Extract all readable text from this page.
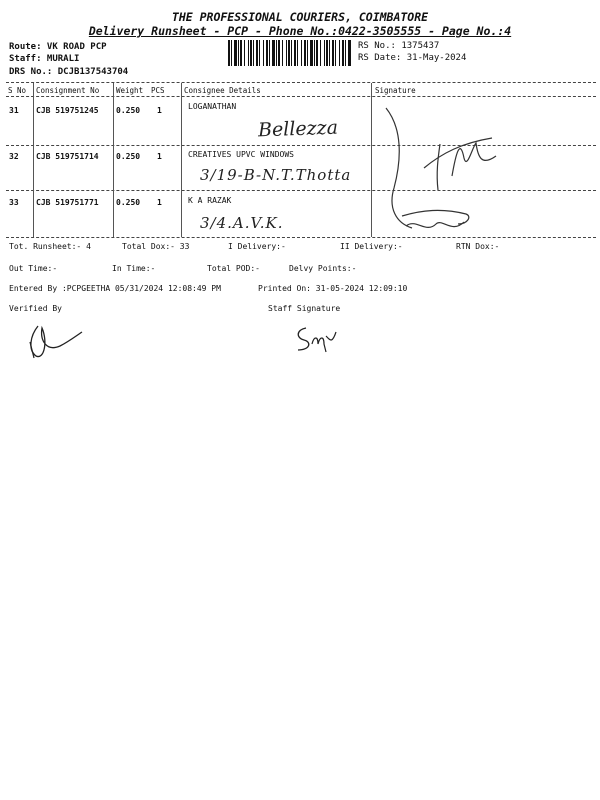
THE PROFESSIONAL COURIERS, COIMBATORE
Delivery Runsheet - PCP - Phone No.:0422-3505555 - Page No.:4
Route: VK ROAD PCP
Staff: MURALI
DRS No.: DCJB137543704
RS No.: 1375437
RS Date: 31-May-2024
S No Consignment No Weight PCS	Consignee Details	Signature
31 CJB 519751245 0.250 1	LOGANATHAN
Bellezza
32 CJB 519751714 0.250 1	CREATIVES UPVC WINDOWS
3/19-B-N.T.Thotta
33 CJB 519751771 0.250 1	K A RAZAK
3/4.A.V.K.
Tot. Runsheet:- 4	Total Dox:- 33	I Delivery:-	II Delivery:-	RTN Dox:-
Out Time:-	In Time:-	Total POD:-	Delvy Points:-
Entered By :PCPGEETHA 05/31/2024 12:08:49 PM	Printed On: 31-05-2024 12:09:10
Verified By	Staff Signature
